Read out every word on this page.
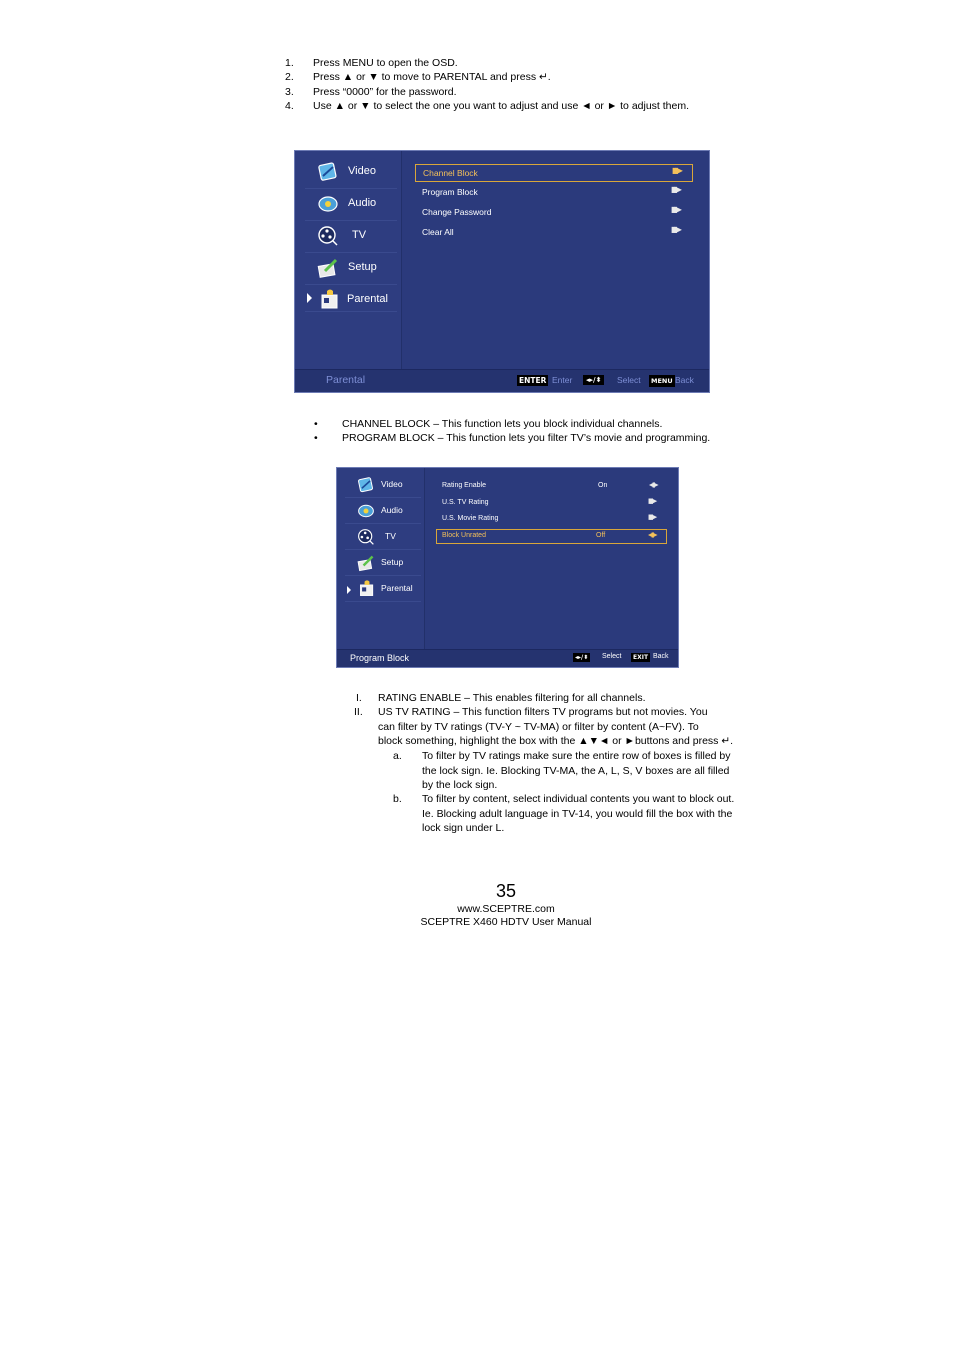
1. Press MENU to open the OSD.
2. Press ▲ or ▼ to move to PARENTAL and press ↵.
3. Press “0000” for the password.
4. Use ▲ or ▼ to select the one you want to adjust and use ◄ or ► to adjust them.
Video
Audio
TV
Setup
Parental
Channel Block	▮▮▶
Program Block	▮▮▶
Change Password	▮▮▶
Clear All	▮▮▶
Parental	ENTER Enter	◂▸/⬍	Select	MENU Back
• CHANNEL BLOCK – This function lets you block individual channels.
• PROGRAM BLOCK – This function lets you filter TV’s movie and programming.
Video
Audio
TV
Setup
Parental
Rating Enable	On	◀▶
U.S. TV Rating	▮▮▶
U.S. Movie Rating	▮▮▶
Block Unrated	Off	◀▶
Program Block	◂▸/⬍ Select	EXIT Back
I. RATING ENABLE – This enables filtering for all channels.
II. US TV RATING – This function filters TV programs but not movies. You
can filter by TV ratings (TV-Y ~ TV-MA) or filter by content (A~FV). To
block something, highlight the box with the ▲▼◄ or ►buttons and press ↵.
a. To filter by TV ratings make sure the entire row of boxes is filled by
the lock sign. Ie. Blocking TV-MA, the A, L, S, V boxes are all filled
by the lock sign.
b. To filter by content, select individual contents you want to block out.
Ie. Blocking adult language in TV-14, you would fill the box with the
lock sign under L.
35
www.SCEPTRE.com
SCEPTRE X460 HDTV User Manual
